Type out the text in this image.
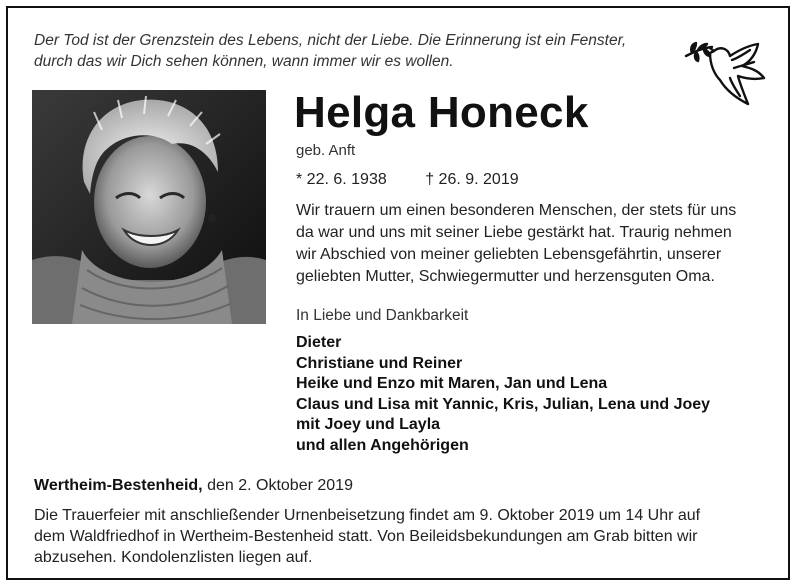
Der Tod ist der Grenzstein des Lebens, nicht der Liebe. Die Erinnerung ist ein Fenster,
durch das wir Dich sehen können, wann immer wir es wollen.
Helga Honeck
geb. Anft
* 22. 6. 1938 † 26. 9. 2019
Wir trauern um einen besonderen Menschen, der stets für uns
da war und uns mit seiner Liebe gestärkt hat. Traurig nehmen
wir Abschied von meiner geliebten Lebensgefährtin, unserer
geliebten Mutter, Schwiegermutter und herzensguten Oma.
In Liebe und Dankbarkeit
Dieter
Christiane und Reiner
Heike und Enzo mit Maren, Jan und Lena
Claus und Lisa mit Yannic, Kris, Julian, Lena und Joey
mit Joey und Layla
und allen Angehörigen
Wertheim-Bestenheid, den 2. Oktober 2019
Die Trauerfeier mit anschließender Urnenbeisetzung findet am 9. Oktober 2019 um 14 Uhr auf
dem Waldfriedhof in Wertheim-Bestenheid statt. Von Beileidsbekundungen am Grab bitten wir
abzusehen. Kondolenzlisten liegen auf.
